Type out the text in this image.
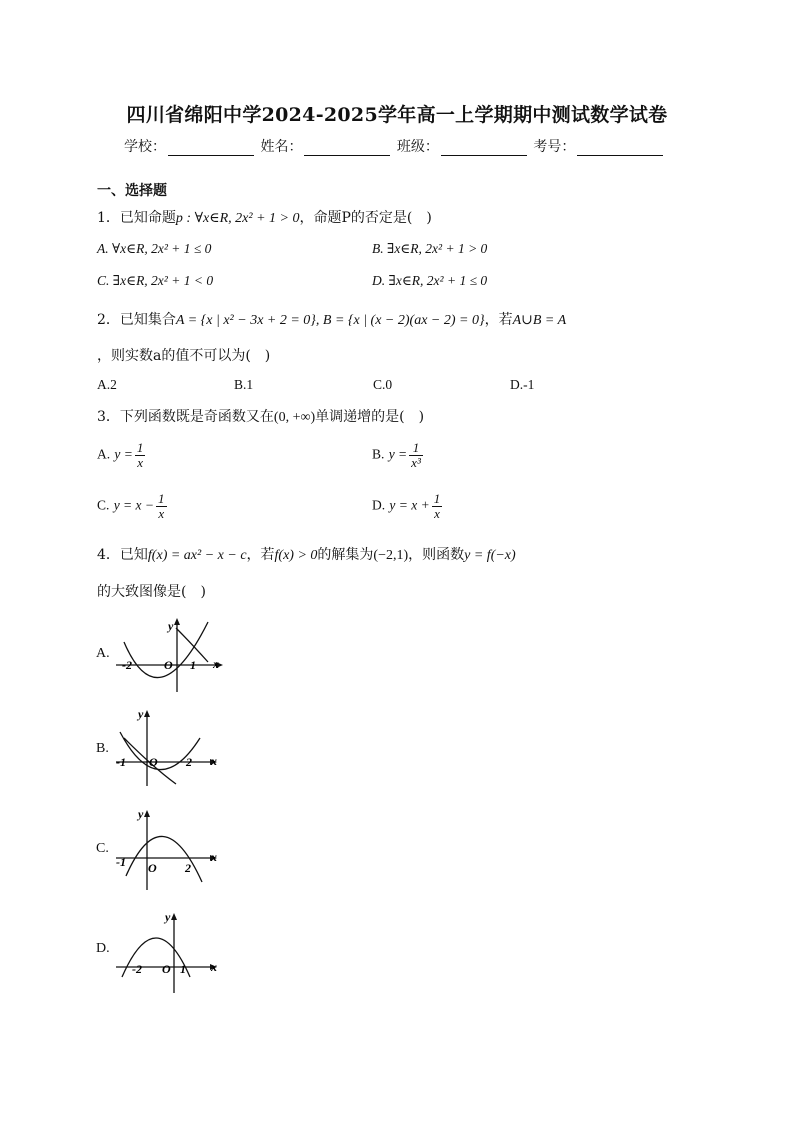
四川省绵阳中学2024-2025学年高一上学期期中测试数学试卷
学校：	姓名：	班级：	考号：
一、选择题
1．已知命题p : ∀x∈R, 2x² + 1 > 0，命题P的否定是(　)
A. ∀x∈R, 2x² + 1 ≤ 0	B. ∃x∈R, 2x² + 1 > 0
C. ∃x∈R, 2x² + 1 < 0	D. ∃x∈R, 2x² + 1 ≤ 0
2．已知集合A = {x | x² − 3x + 2 = 0}, B = {x | (x − 2)(ax − 2) = 0}，若A∪B = A
，则实数a的值不可以为(　)
A.2	B.1	C.0	D.-1
3．下列函数既是奇函数又在(0, +∞)单调递增的是(　)
A. $y = \frac{1}{x}$	B. $y = \frac{1}{\text{x³}}$
C. $y = x - \frac{1}{x}$	D. $y = x + \frac{1}{x}$
4．已知f(x) = ax² − x − c，若f(x) > 0的解集为(−2,1)，则函数y = f(−x)
的大致图像是(　)
A.
y
x
O
-2	1
B.
y
x
O
-1	2
C.
y
x
O
-1	2
D.
y
x
O
-2	1
